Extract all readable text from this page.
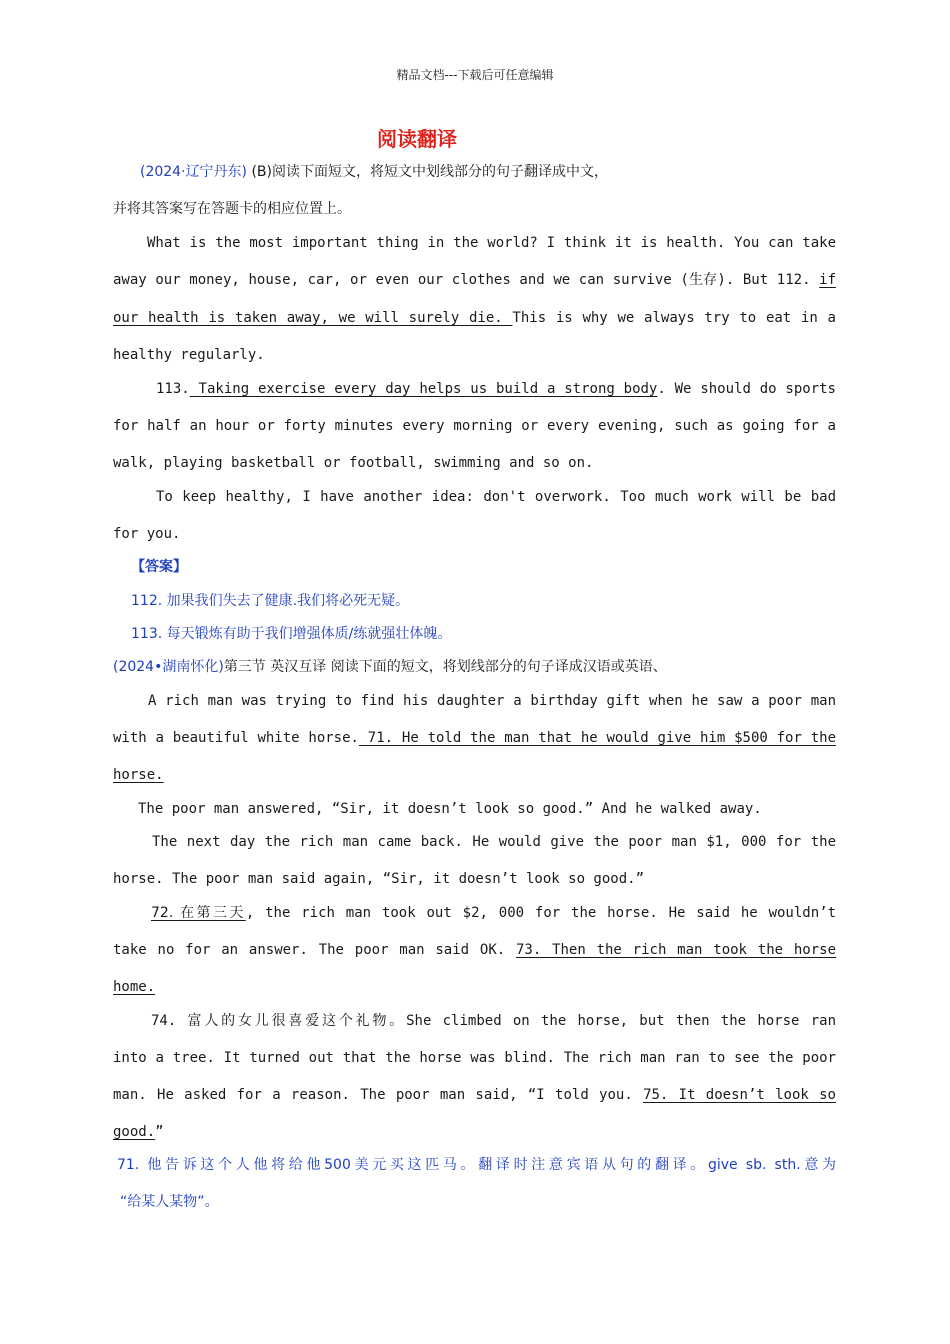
精品文档---下载后可任意编辑
阅读翻译
(2024·辽宁丹东) (B)阅读下面短文，将短文中划线部分的句子翻译成中文，
并将其答案写在答题卡的相应位置上。
What is the most important thing in the world? I think it is health. You can take
away our money, house, car, or even our clothes and we can survive (生存). But 112. if
our health is taken away, we will surely die. This is why we always try to eat in a
healthy regularly.
113. Taking exercise every day helps us build a strong body. We should do sports
for half an hour or forty minutes every morning or every evening, such as going for a
walk, playing basketball or football, swimming and so on.
To keep healthy, I have another idea: don't overwork. Too much work will be bad
for you.
【答案】
112. 加果我们失去了健康.我们将必死无疑。
113. 每天锻炼有助于我们增强体质/练就强壮体魄。
(2024•湖南怀化)第三节 英汉互译 阅读下面的短文，将划线部分的句子译成汉语或英语、
A rich man was trying to find his daughter a birthday gift when he saw a poor man
with a beautiful white horse. 71. He told the man that he would give him $500 for the
horse.
The poor man answered, “Sir, it doesn’t look so good.” And he walked away.
The next day the rich man came back. He would give the poor man $1, 000 for the
horse. The poor man said again, “Sir, it doesn’t look so good.”
72. 在第三天, the rich man took out $2, 000 for the horse. He said he wouldn’t
take no for an answer. The poor man said OK. 73. Then the rich man took the horse
home.
74. 富人的女儿很喜爱这个礼物。She climbed on the horse, but then the horse ran
into a tree. It turned out that the horse was blind. The rich man ran to see the poor
man. He asked for a reason. The poor man said, “I told you. 75. It doesn’t look so
good.”
71. 他告诉这个人他将给他500美元买这匹马。翻译时注意宾语从句的翻译。give sb. sth.意为
“给某人某物”。
